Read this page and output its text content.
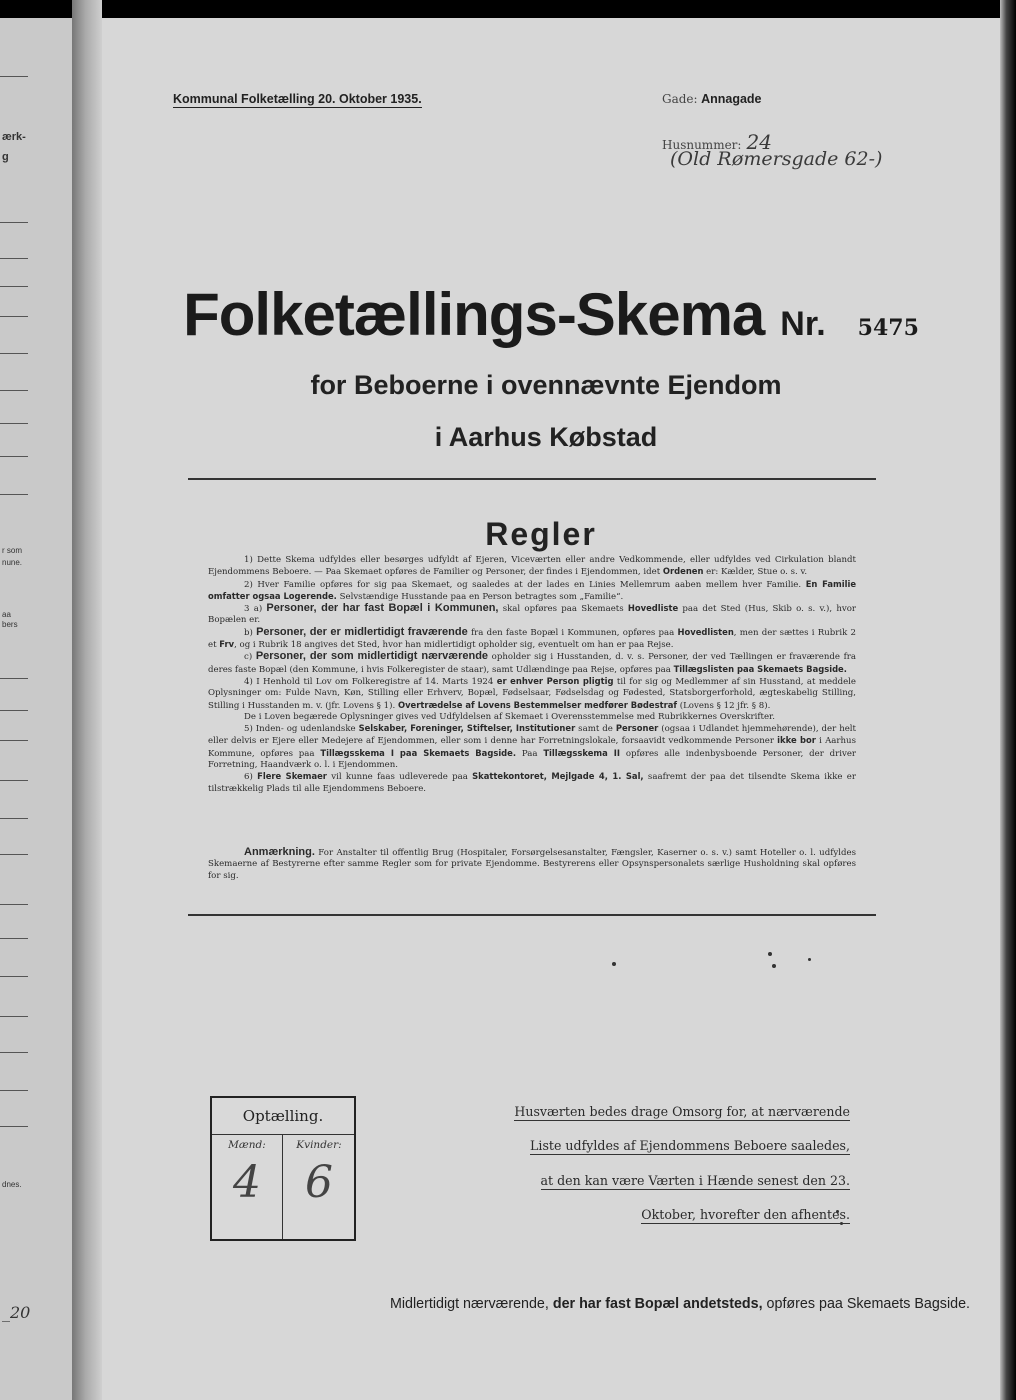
ærk-
g
r som
nune.
aa
bers
dnes.
_20
Kommunal Folketælling 20. Oktober 1935.	Gade: Annagade
Husnummer: 24
(Old Rømersgade 62-)
Folketællings-Skema Nr. 5475
for Beboerne i ovennævnte Ejendom
i Aarhus Købstad
Regler

1) Dette Skema udfyldes eller besørges udfyldt af Ejeren, Viceværten eller andre Vedkommende, eller udfyldes ved Cirkulation blandt Ejendommens Beboere. — Paa Skemaet opføres de Familier og Personer, der findes i Ejendommen, idet Ordenen er: Kælder, Stue o. s. v.

2) Hver Familie opføres for sig paa Skemaet, og saaledes at der lades en Linies Mellemrum aaben mellem hver Familie. En Familie omfatter ogsaa Logerende. Selvstændige Husstande paa en Person betragtes som „Familie“.

3 a) Personer, der har fast Bopæl i Kommunen, skal opføres paa Skemaets Hovedliste paa det Sted (Hus, Skib o. s. v.), hvor Bopælen er.

b) Personer, der er midlertidigt fraværende fra den faste Bopæl i Kommunen, opføres paa Hovedlisten, men der sættes i Rubrik 2 et Frv, og i Rubrik 18 angives det Sted, hvor han midlertidigt opholder sig, eventuelt om han er paa Rejse.

c) Personer, der som midlertidigt nærværende opholder sig i Husstanden, d. v. s. Personer, der ved Tællingen er fraværende fra deres faste Bopæl (den Kommune, i hvis Folkeregister de staar), samt Udlændinge paa Rejse, opføres paa Tillægslisten paa Skemaets Bagside.

4) I Henhold til Lov om Folkeregistre af 14. Marts 1924 er enhver Person pligtig til for sig og Medlemmer af sin Husstand, at meddele Oplysninger om: Fulde Navn, Køn, Stilling eller Erhverv, Bopæl, Fødselsaar, Fødselsdag og Fødested, Statsborgerforhold, ægteskabelig Stilling, Stilling i Husstanden m. v. (jfr. Lovens § 1). Overtrædelse af Lovens Bestemmelser medfører Bødestraf (Lovens § 12 jfr. § 8).

De i Loven begærede Oplysninger gives ved Udfyldelsen af Skemaet i Overensstemmelse med Rubrikkernes Overskrifter.

5) Inden- og udenlandske Selskaber, Foreninger, Stiftelser, Institutioner samt de Personer (ogsaa i Udlandet hjemmehørende), der helt eller delvis er Ejere eller Medejere af Ejendommen, eller som i denne har Forretningslokale, forsaavidt vedkommende Personer ikke bor i Aarhus Kommune, opføres paa Tillægsskema I paa Skemaets Bagside. Paa Tillægsskema II opføres alle indenbysboende Personer, der driver Forretning, Haandværk o. l. i Ejendommen.

6) Flere Skemaer vil kunne faas udleverede paa Skattekontoret, Mejlgade 4, 1. Sal, saafremt der paa det tilsendte Skema ikke er tilstrækkelig Plads til alle Ejendommens Beboere.

Anmærkning. For Anstalter til offentlig Brug (Hospitaler, Forsørgelsesanstalter, Fængsler, Kaserner o. s. v.) samt Hoteller o. l. udfyldes Skemaerne af Bestyrerne efter samme Regler som for private Ejendomme. Bestyrerens eller Opsynspersonalets særlige Husholdning skal opføres for sig.

Optælling.
Mænd:
4
Kvinder:
6
Husværten bedes drage Omsorg for, at nærværende
Liste udfyldes af Ejendommens Beboere saaledes,
at den kan være Værten i Hænde senest den 23.
Oktober, hvorefter den afhentes.
Midlertidigt nærværende, der har fast Bopæl andetsteds, opføres paa Skemaets Bagside.
